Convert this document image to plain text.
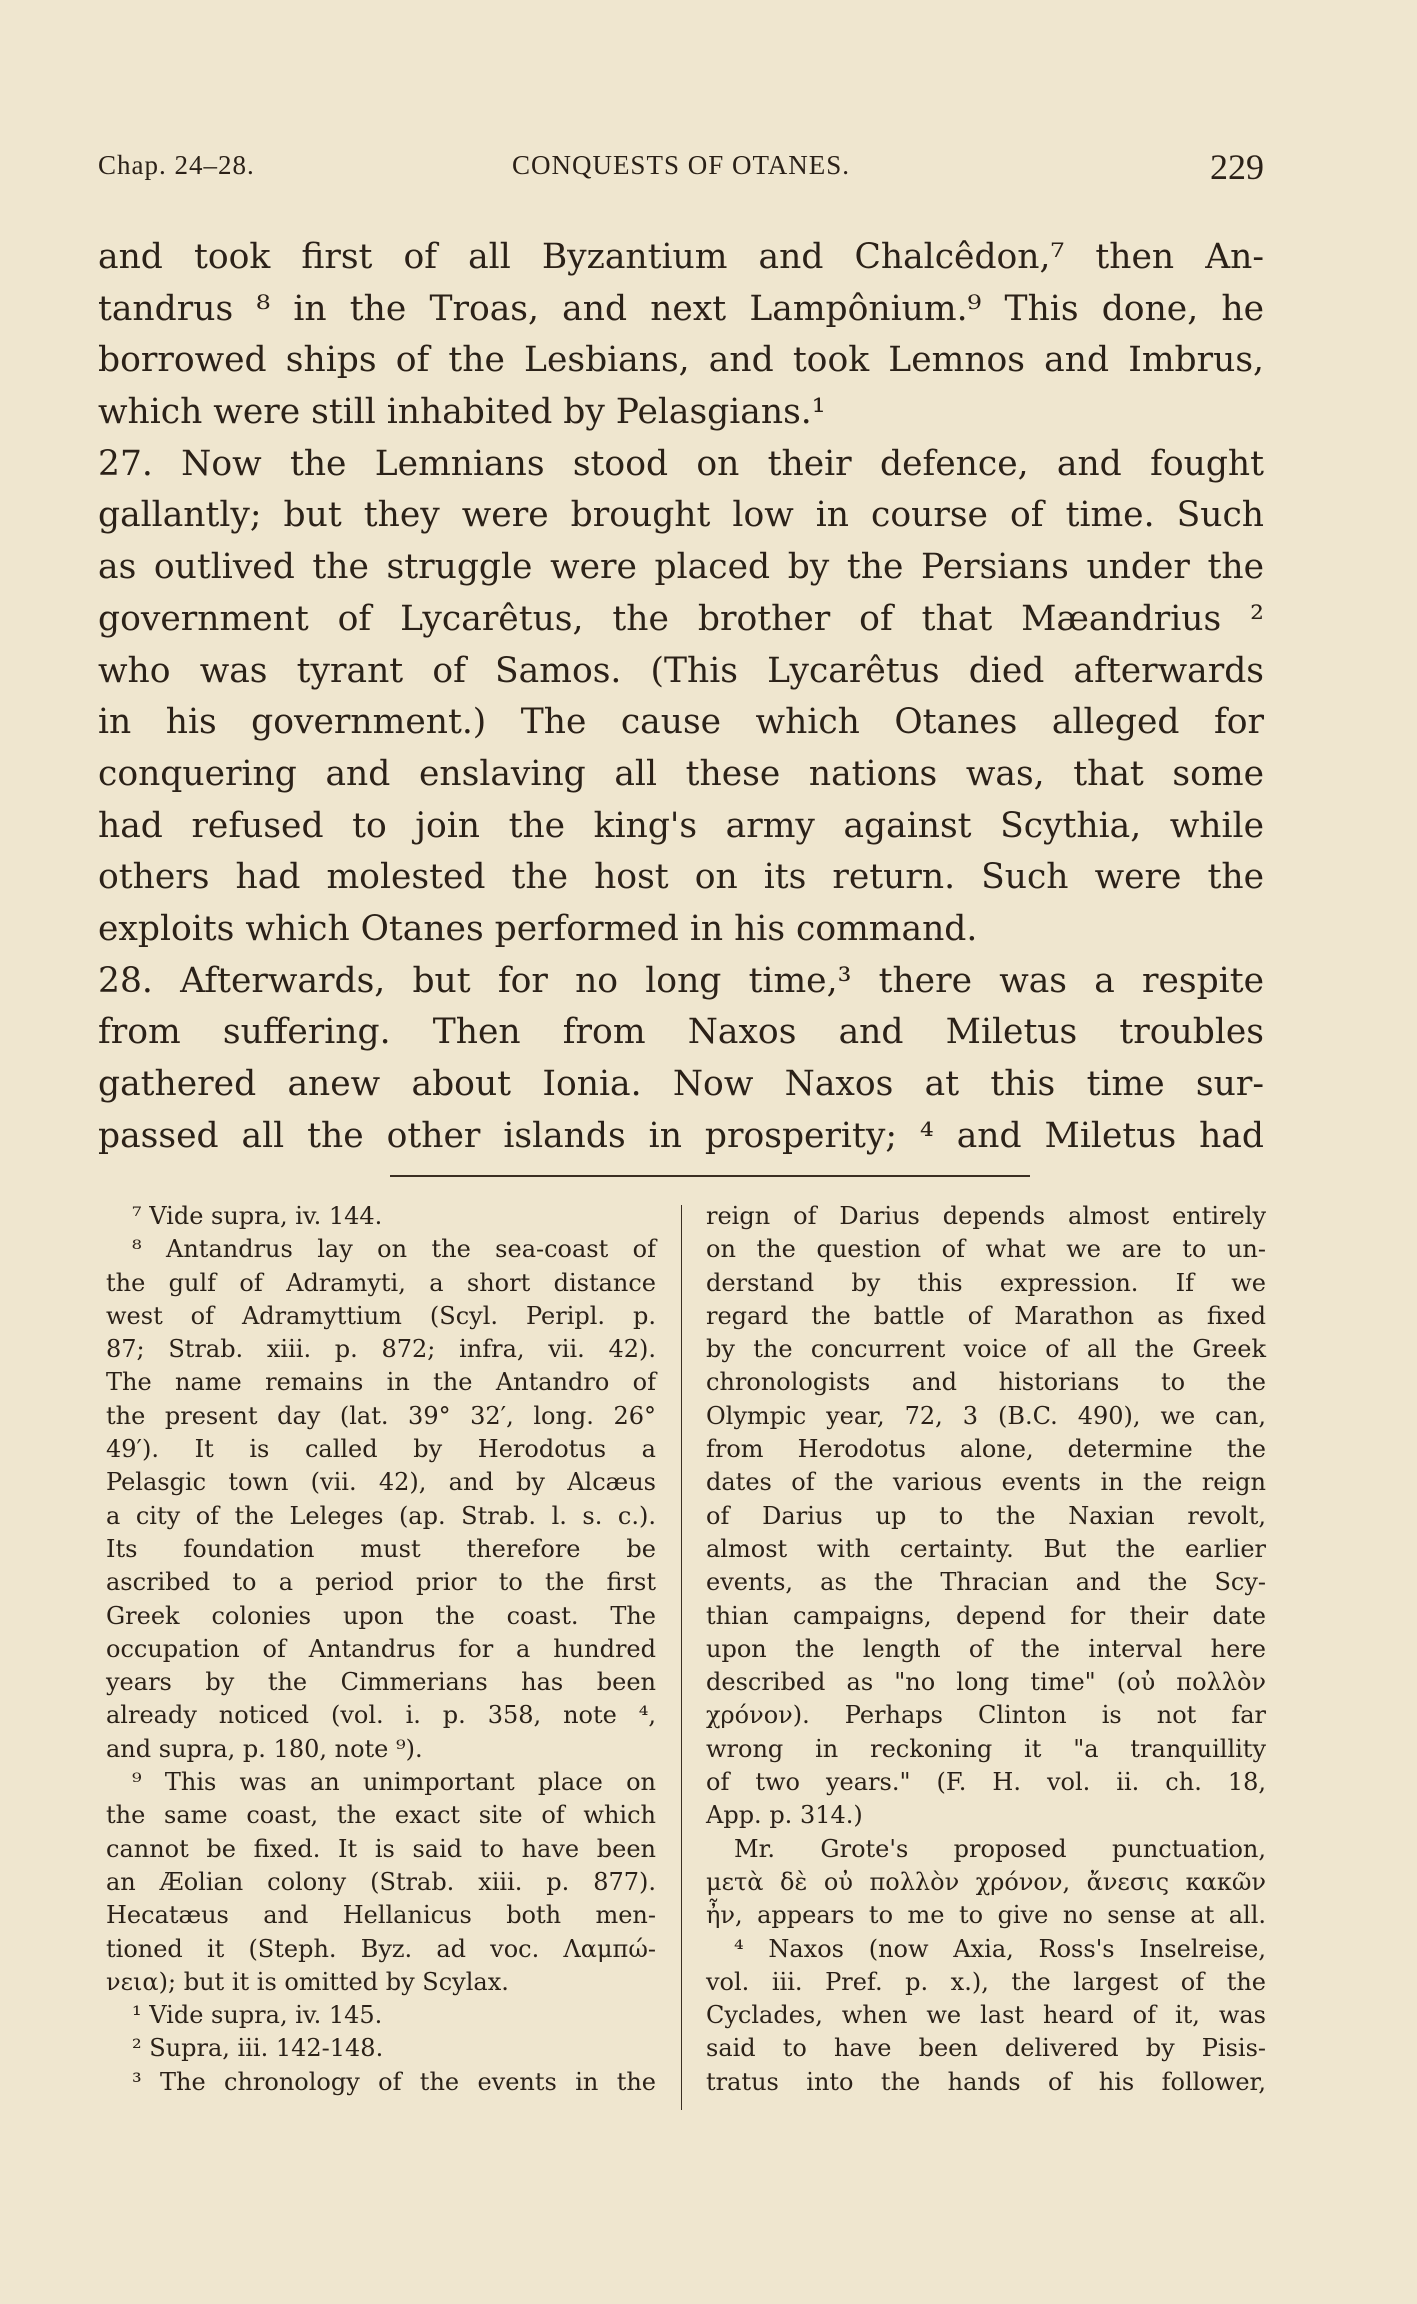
Chap. 24–28.	CONQUESTS OF OTANES.	229
and took first of all Byzantium and Chalcêdon,⁷ then An-
tandrus ⁸ in the Troas, and next Lampônium.⁹ This done, he
borrowed ships of the Lesbians, and took Lemnos and Imbrus,
which were still inhabited by Pelasgians.¹
27. Now the Lemnians stood on their defence, and fought
gallantly; but they were brought low in course of time. Such
as outlived the struggle were placed by the Persians under the
government of Lycarêtus, the brother of that Mæandrius ²
who was tyrant of Samos. (This Lycarêtus died afterwards
in his government.) The cause which Otanes alleged for
conquering and enslaving all these nations was, that some
had refused to join the king's army against Scythia, while
others had molested the host on its return. Such were the
exploits which Otanes performed in his command.
28. Afterwards, but for no long time,³ there was a respite
from suffering. Then from Naxos and Miletus troubles
gathered anew about Ionia. Now Naxos at this time sur-
passed all the other islands in prosperity; ⁴ and Miletus had
⁷ Vide supra, iv. 144.
⁸ Antandrus lay on the sea-coast of
the gulf of Adramyti, a short distance
west of Adramyttium (Scyl. Peripl. p.
87; Strab. xiii. p. 872; infra, vii. 42).
The name remains in the Antandro of
the present day (lat. 39° 32′, long. 26°
49′). It is called by Herodotus a
Pelasgic town (vii. 42), and by Alcæus
a city of the Leleges (ap. Strab. l. s. c.).
Its foundation must therefore be
ascribed to a period prior to the first
Greek colonies upon the coast. The
occupation of Antandrus for a hundred
years by the Cimmerians has been
already noticed (vol. i. p. 358, note ⁴,
and supra, p. 180, note ⁹).
⁹ This was an unimportant place on
the same coast, the exact site of which
cannot be fixed. It is said to have been
an Æolian colony (Strab. xiii. p. 877).
Hecatæus and Hellanicus both men-
tioned it (Steph. Byz. ad voc. Λαμπώ-
νεια); but it is omitted by Scylax.
¹ Vide supra, iv. 145.
² Supra, iii. 142-148.
³ The chronology of the events in the
reign of Darius depends almost entirely
on the question of what we are to un-
derstand by this expression. If we
regard the battle of Marathon as fixed
by the concurrent voice of all the Greek
chronologists and historians to the
Olympic year, 72, 3 (B.C. 490), we can,
from Herodotus alone, determine the
dates of the various events in the reign
of Darius up to the Naxian revolt,
almost with certainty. But the earlier
events, as the Thracian and the Scy-
thian campaigns, depend for their date
upon the length of the interval here
described as "no long time" (οὐ πολλὸν
χρόνον). Perhaps Clinton is not far
wrong in reckoning it "a tranquillity
of two years." (F. H. vol. ii. ch. 18,
App. p. 314.)
Mr. Grote's proposed punctuation,
μετὰ δὲ οὐ πολλὸν χρόνον, ἄνεσις κακῶν
ἦν, appears to me to give no sense at all.
⁴ Naxos (now Axia, Ross's Inselreise,
vol. iii. Pref. p. x.), the largest of the
Cyclades, when we last heard of it, was
said to have been delivered by Pisis-
tratus into the hands of his follower,
